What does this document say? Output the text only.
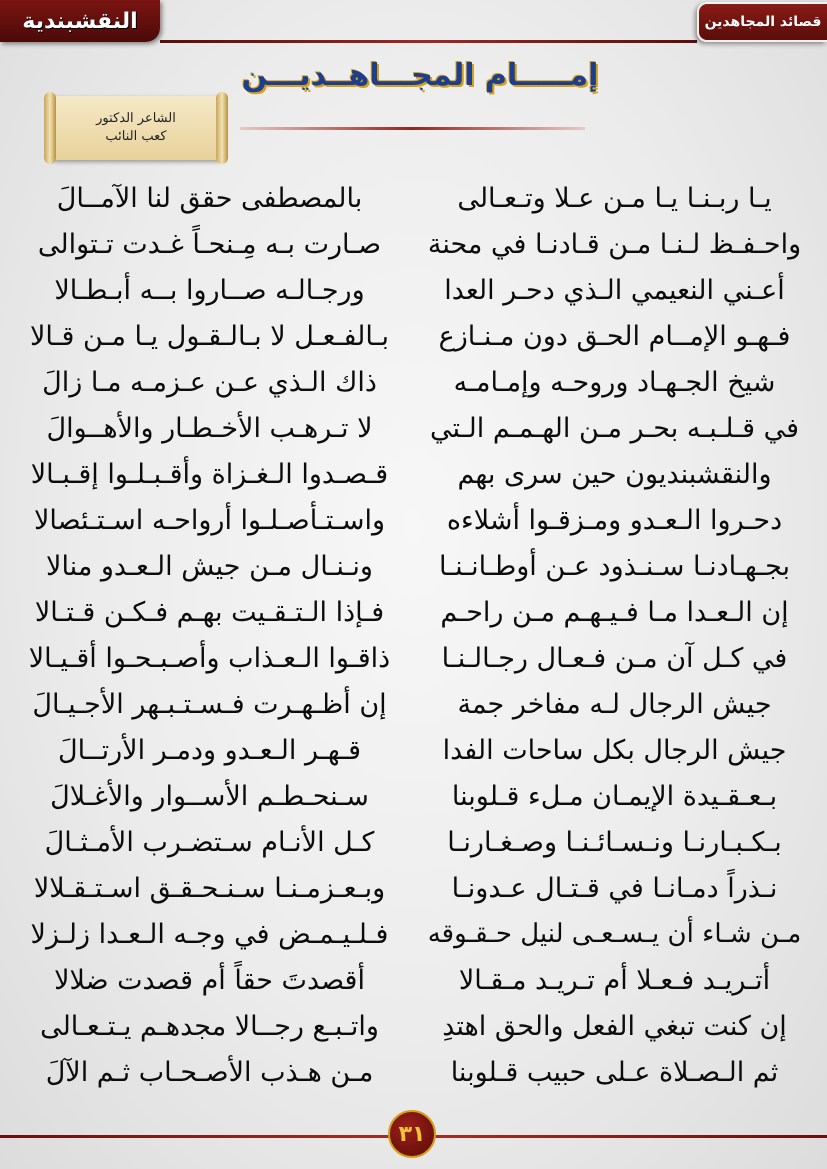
النقشبندية	قصائد المجاهدين
إمـــــام المجـــاهــديـــن
الشاعر الدكتور
كعب النائب
يـا ربـنـا يـا مـن عـلا وتـعـالى
بالمصطفى حقق لنا الآمــالَ
واحـفـظ لـنـا مـن قـادنـا في محنة
صـارت بـه مِـنحـاً غـدت تـتوالى
أعـني النعيمي الـذي دحـر العدا
ورجـالـه صــاروا بــه أبـطـالا
فـهـو الإمــام الحـق دون مـنـازع
بـالفـعـل لا بـالـقـول يـا مـن قـالا
شيخ الجـهـاد وروحـه وإمـامـه
ذاك الـذي عـن عـزمـه مـا زالَ
في قـلـبـه بحـر مـن الهـمـم الـتي
لا تـرهـب الأخـطـار والأهــوالَ
والنقشبنديون حين سرى بهم
قـصـدوا الـغـزاة وأقـبـلـوا إقـبـالا
دحـروا الـعـدو ومـزقـوا أشلاءه
واسـتـأصـلـوا أرواحـه اسـتـئصالا
بجـهـادنـا سـنـذود عـن أوطـانـنـا
ونـنـال مـن جيش الـعـدو منالا
إن الـعـدا مـا فـيـهـم مـن راحـم
فـإذا الـتـقـيت بهـم فـكـن قـتـالا
في كـل آن مـن فـعـال رجـالـنـا
ذاقـوا الـعـذاب وأصـبـحـوا أقـيـالا
جيش الرجال لـه مفاخر جمة
إن أظـهـرت فـسـتـبـهر الأجـيـالَ
جيش الرجال بكل ساحات الفدا
قـهـر الـعـدو ودمـر الأرتــالَ
بـعـقـيدة الإيمـان مـلء قـلوبنا
سـنحـطـم الأســوار والأغـلالَ
بـكـبـارنـا ونـسـائـنـا وصـغـارنـا
كـل الأنـام سـتضـرب الأمـثـالَ
نـذراً دمـانـا في قـتـال عـدونـا
وبـعـزمـنـا سـنـحـقـق اسـتـقـلالا
مـن شـاء أن يـسـعـى لنيل حـقـوقه
فـلـيـمـض في وجـه الـعـدا زلـزلا
أتـريـد فـعـلا أم تـريـد مـقـالا
أقصدتَ حقاً أم قصدت ضلالا
إن كنت تبغي الفعل والحق اهتدِ
واتـبـع رجــالا مجدهـم يـتـعـالى
ثم الـصـلاة عـلى حبيب قـلوبنا
مـن هـذب الأصـحـاب ثـم الآلَ
٣١
